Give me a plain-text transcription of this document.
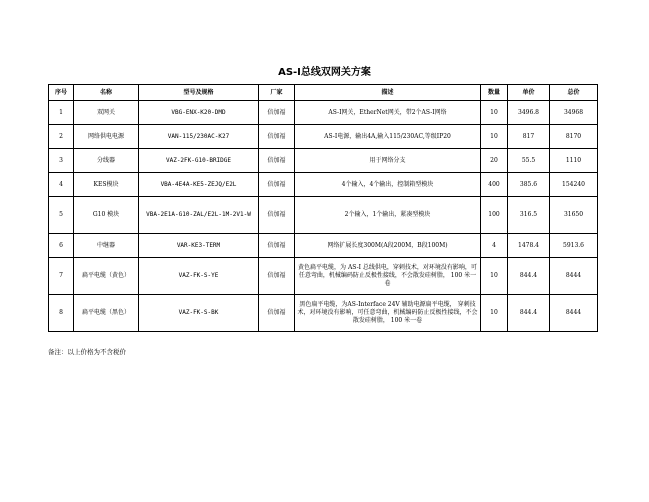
AS-I总线双网关方案
序号	名称	型号及规格	厂家	描述	数量	单价	总价
1	双网关	VBG-ENX-K20-DMD	倍加福	AS-I网关，EtherNet网关，带2个AS-I网络	10	3496.8	34968
2	网络供电电源	VAN-115/230AC-K27	倍加福	AS-I电源，输出4A,输入115/230AC,等级IP20	10	817	8170
3	分线器	VAZ-2FK-G10-BRIDGE	倍加福	用于网络分支	20	55.5	1110
4	KES模块	VBA-4E4A-KE5-ZEJQ/E2L	倍加福	4个输入，4个输出，控制箱型模块	400	385.6	154240
5	G10 模块	VBA-2E1A-G10-ZAL/E2L-1M-2V1-W	倍加福	2个输入，1个输出，紧凑型模块	100	316.5	31650
6	中继器	VAR-KE3-TERM	倍加福	网络扩展长度300M(A段200M，B段100M)	4	1478.4	5913.6
7	扁平电缆（黄色）	VAZ-FK-S-YE	倍加福	黄色扁平电缆，为 AS-I 总线供电，穿刺技术，对环境没有影响，可任意弯曲，机械编码防止反极性接线，不会散发硅树脂， 100 米一卷	10	844.4	8444
8	扁平电缆（黑色）	VAZ-FK-S-BK	倍加福	黑色扁平电缆，为AS-Interface 24V 辅助电源扁平电缆， 穿刺技术，对环境没有影响，可任意弯曲，机械编码防止反极性接线，不会散发硅树脂， 100 米一卷	10	844.4	8444
备注：以上价格为不含税价
